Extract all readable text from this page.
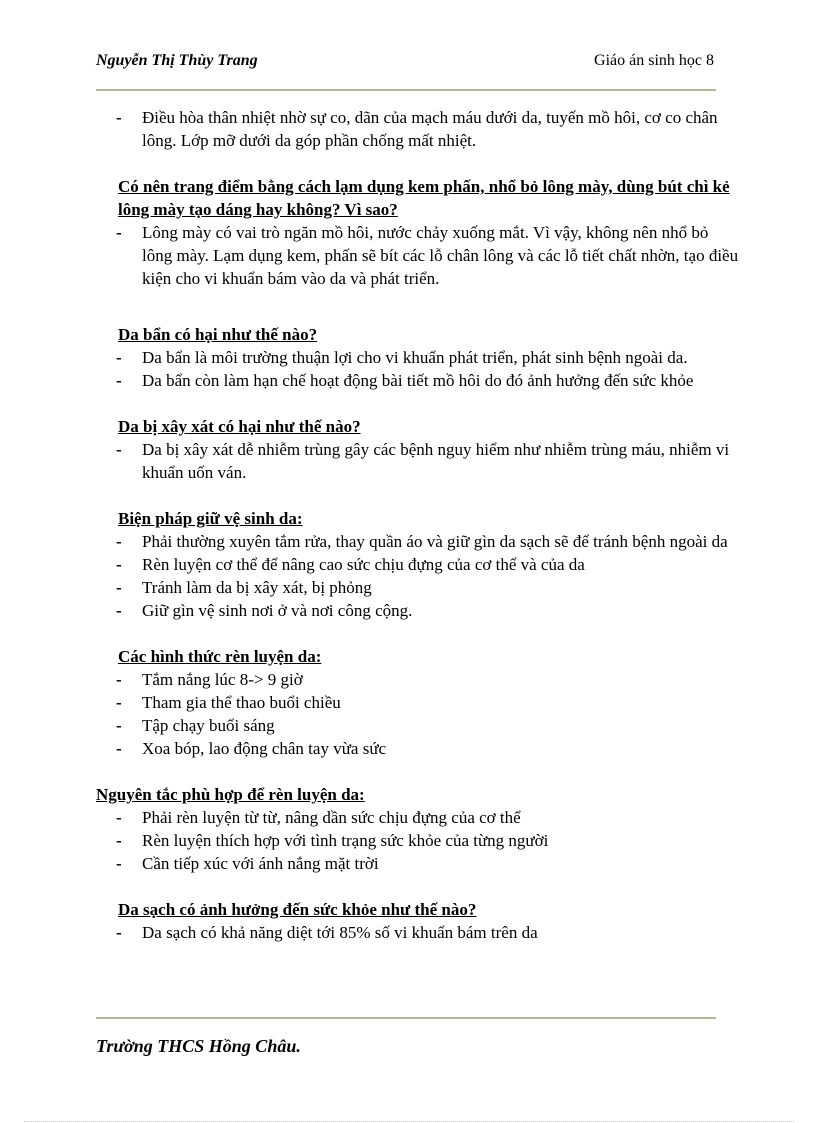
Nguyễn Thị Thùy Trang	Giáo án sinh học 8
- Điều hòa thân nhiệt nhờ sự co, dãn của mạch máu dưới da, tuyến mồ hôi, cơ co chân lông. Lớp mỡ dưới da góp phần chống mất nhiệt.
Có nên trang điểm bằng cách lạm dụng kem phấn, nhổ bỏ lông mày, dùng bút chì kẻ lông mày tạo dáng hay không? Vì sao?
- Lông mày có vai trò ngăn mồ hôi, nước chảy xuống mắt. Vì vậy, không nên nhổ bỏ lông mày. Lạm dụng kem, phấn sẽ bít các lỗ chân lông và các lỗ tiết chất nhờn, tạo điều kiện cho vi khuẩn bám vào da và phát triển.
Da bẩn có hại như thế nào?
- Da bẩn là môi trường thuận lợi cho vi khuẩn phát triển, phát sinh bệnh ngoài da.
- Da bẩn còn làm hạn chế hoạt động bài tiết mồ hôi do đó ảnh hưởng đến sức khỏe
Da bị xây xát có hại như thế nào?
- Da bị xây xát dễ nhiễm trùng gây các bệnh nguy hiểm như nhiễm trùng máu, nhiễm vi khuẩn uốn ván.
Biện pháp giữ vệ sinh da:
- Phải thường xuyên tắm rửa, thay quần áo và giữ gìn da sạch sẽ để tránh bệnh ngoài da
- Rèn luyện cơ thể để nâng cao sức chịu đựng của cơ thể và của da
- Tránh làm da bị xây xát, bị phỏng
- Giữ gìn vệ sinh nơi ở và nơi công cộng.
Các hình thức rèn luyện da:
- Tắm nắng lúc 8-> 9 giờ
- Tham gia thể thao buổi chiều
- Tập chạy buổi sáng
- Xoa bóp, lao động chân tay vừa sức
Nguyên tắc phù hợp để rèn luyện da:
- Phải rèn luyện từ từ, nâng dần sức chịu đựng của cơ thể
- Rèn luyện thích hợp với tình trạng sức khỏe của từng người
- Cần tiếp xúc với ánh nắng mặt trời
Da sạch có ảnh hưởng đến sức khỏe như thế nào?
- Da sạch có khả năng diệt tới 85% số vi khuẩn bám trên da
Trường THCS Hồng Châu.
